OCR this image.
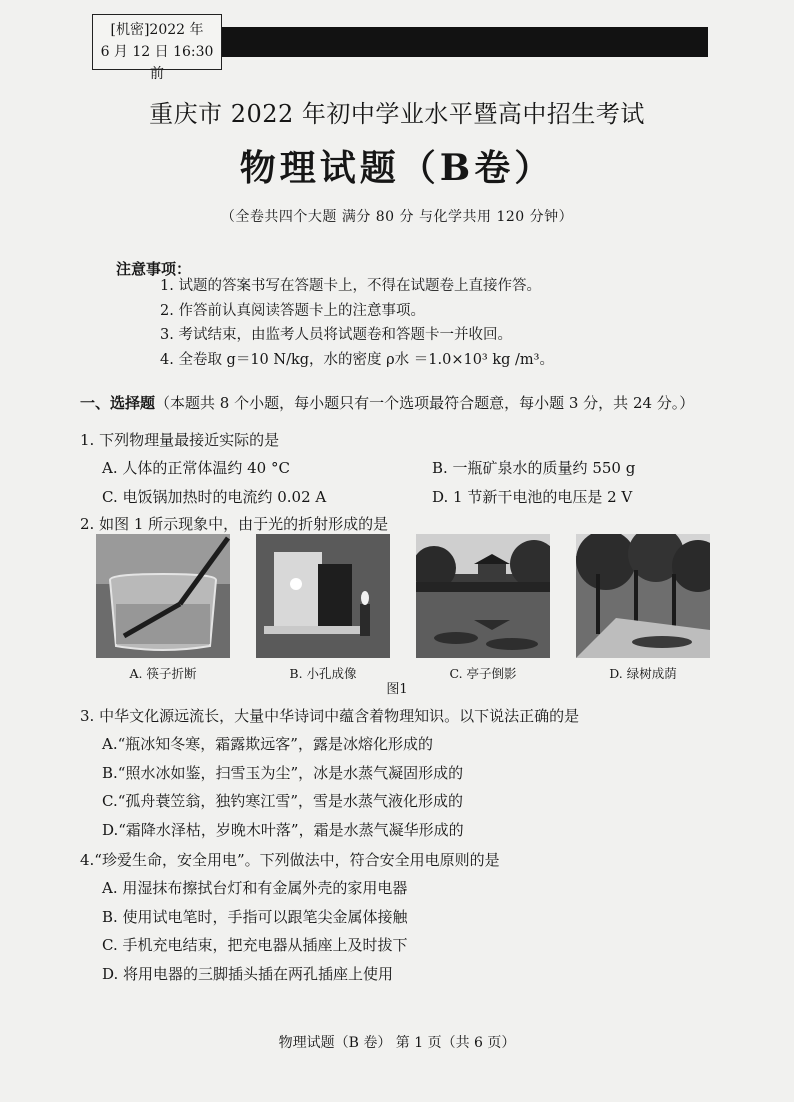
[机密]2022 年
6 月 12 日 16:30 前
重庆市 2022 年初中学业水平暨高中招生考试
物理试题（B卷）
（全卷共四个大题 满分 80 分 与化学共用 120 分钟）
注意事项：
1. 试题的答案书写在答题卡上，不得在试题卷上直接作答。
2. 作答前认真阅读答题卡上的注意事项。
3. 考试结束，由监考人员将试题卷和答题卡一并收回。
4. 全卷取 g＝10 N/kg，水的密度 ρ水 ＝1.0×10³ kg /m³。
一、选择题（本题共 8 个小题，每小题只有一个选项最符合题意，每小题 3 分，共 24 分。）
1. 下列物理量最接近实际的是
A. 人体的正常体温约 40 °C	B. 一瓶矿泉水的质量约 550 g
C. 电饭锅加热时的电流约 0.02 A	D. 1 节新干电池的电压是 2 V
2. 如图 1 所示现象中，由于光的折射形成的是
A. 筷子折断	B. 小孔成像	C. 亭子倒影	D. 绿树成荫
图1
3. 中华文化源远流长，大量中华诗词中蕴含着物理知识。以下说法正确的是
A.“瓶冰知冬寒，霜露欺远客”，露是冰熔化形成的
B.“照水冰如鉴，扫雪玉为尘”，冰是水蒸气凝固形成的
C.“孤舟蓑笠翁，独钓寒江雪”，雪是水蒸气液化形成的
D.“霜降水泽枯，岁晚木叶落”，霜是水蒸气凝华形成的
4.“珍爱生命，安全用电”。下列做法中，符合安全用电原则的是
A. 用湿抹布擦拭台灯和有金属外壳的家用电器
B. 使用试电笔时，手指可以跟笔尖金属体接触
C. 手机充电结束，把充电器从插座上及时拔下
D. 将用电器的三脚插头插在两孔插座上使用
物理试题（B 卷） 第 1 页（共 6 页）
